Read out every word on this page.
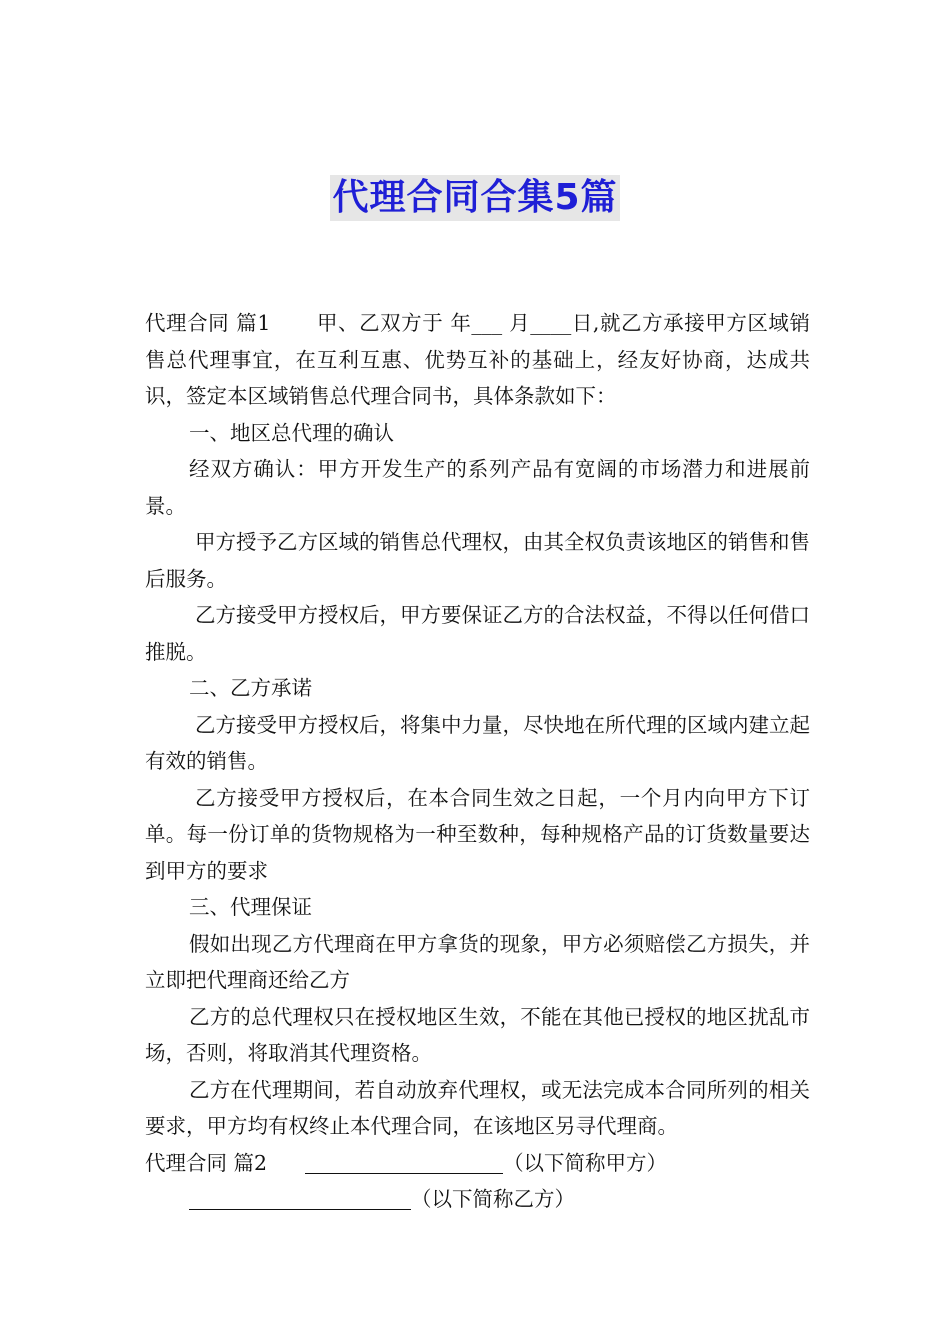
代理合同合集5篇

代理合同 篇1 甲、乙双方于 年___ 月____日,就乙方承接甲方区域销售总代理事宜，在互利互惠、优势互补的基础上，经友好协商，达成共识，签定本区域销售总代理合同书，具体条款如下：

一、地区总代理的确认

经双方确认：甲方开发生产的系列产品有宽阔的市场潜力和进展前景。

甲方授予乙方区域的销售总代理权，由其全权负责该地区的销售和售后服务。

乙方接受甲方授权后，甲方要保证乙方的合法权益，不得以任何借口推脱。

二、乙方承诺

乙方接受甲方授权后，将集中力量，尽快地在所代理的区域内建立起有效的销售。

乙方接受甲方授权后，在本合同生效之日起，一个月内向甲方下订单。每一份订单的货物规格为一种至数种，每种规格产品的订货数量要达到甲方的要求

三、代理保证

假如出现乙方代理商在甲方拿货的现象，甲方必须赔偿乙方损失，并立即把代理商还给乙方

乙方的总代理权只在授权地区生效，不能在其他已授权的地区扰乱市场，否则，将取消其代理资格。

乙方在代理期间，若自动放弃代理权，或无法完成本合同所列的相关要求，甲方均有权终止本代理合同，在该地区另寻代理商。

代理合同 篇2	（以下简称甲方）

（以下简称乙方）
